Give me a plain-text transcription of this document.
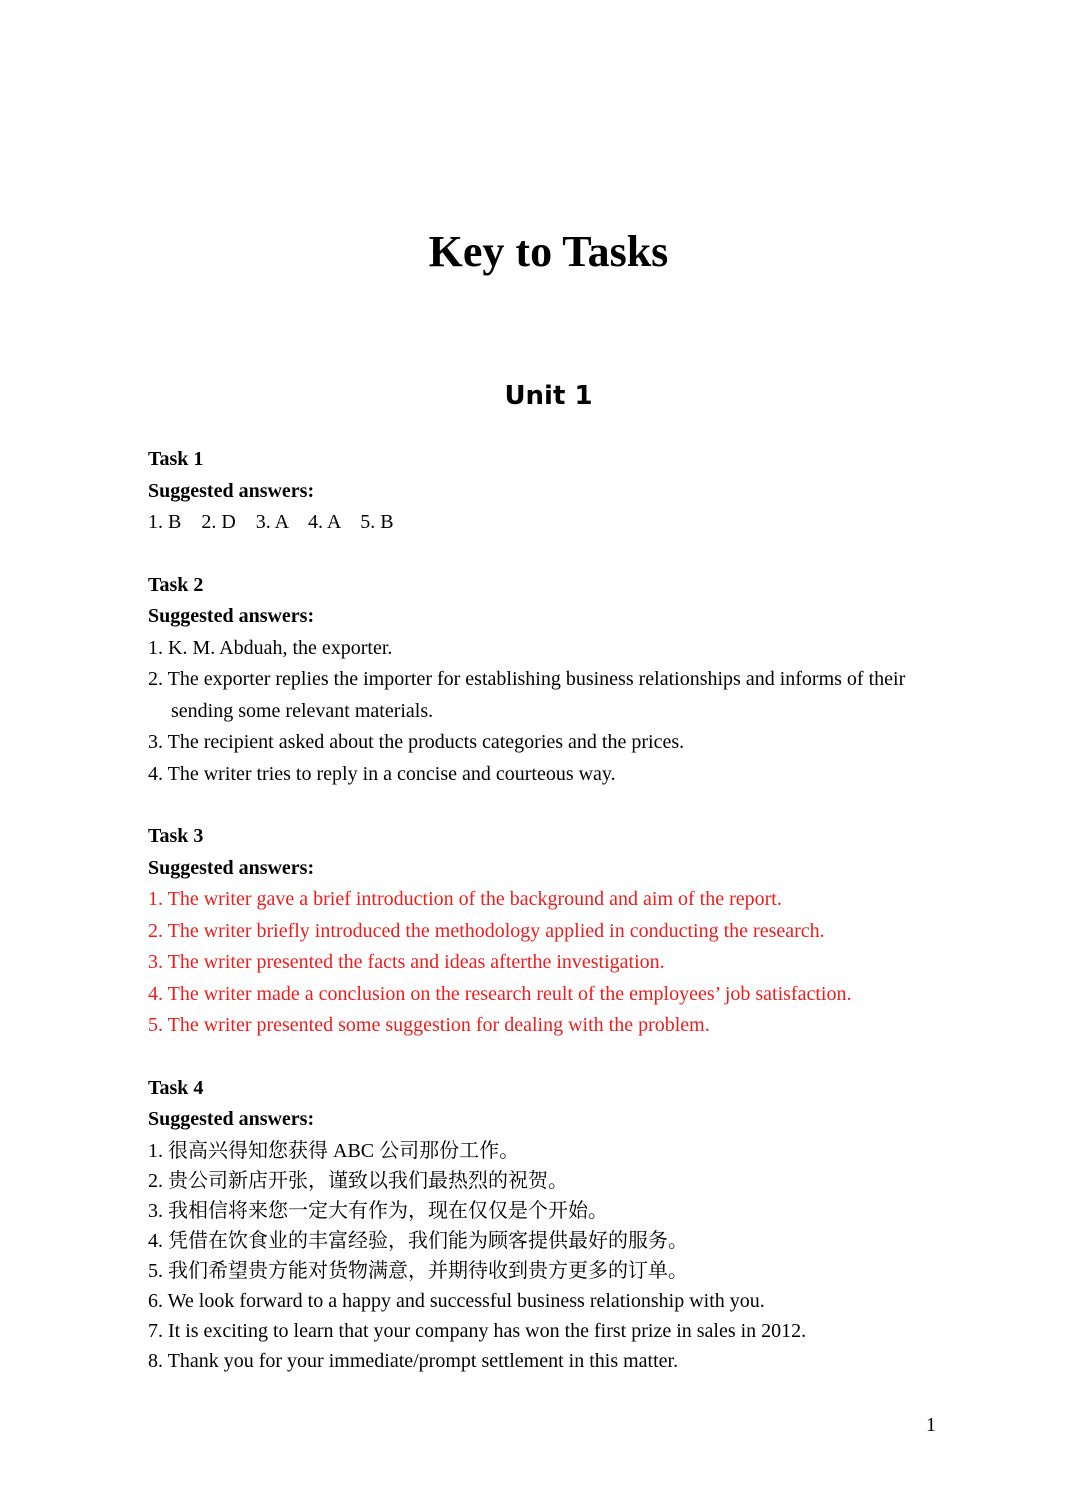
Key to Tasks
Unit 1

Task 1

Suggested answers:

1. B    2. D    3. A    4. A    5. B

Task 2

Suggested answers:

1. K. M. Abduah, the exporter.
2. The exporter replies the importer for establishing business relationships and informs of their sending some relevant materials.
3. The recipient asked about the products categories and the prices.
4. The writer tries to reply in a concise and courteous way.

Task 3

Suggested answers:

1. The writer gave a brief introduction of the background and aim of the report.
2. The writer briefly introduced the methodology applied in conducting the research.
3. The writer presented the facts and ideas afterthe investigation.
4. The writer made a conclusion on the research reult of the employees’ job satisfaction.
5. The writer presented some suggestion for dealing with the problem.

Task 4

Suggested answers:

1. 很高兴得知您获得 ABC 公司那份工作。
2. 贵公司新店开张，谨致以我们最热烈的祝贺。
3. 我相信将来您一定大有作为，现在仅仅是个开始。
4. 凭借在饮食业的丰富经验，我们能为顾客提供最好的服务。
5. 我们希望贵方能对货物满意，并期待收到贵方更多的订单。
6. We look forward to a happy and successful business relationship with you.
7. It is exciting to learn that your company has won the first prize in sales in 2012.
8. Thank you for your immediate/prompt settlement in this matter.
1
